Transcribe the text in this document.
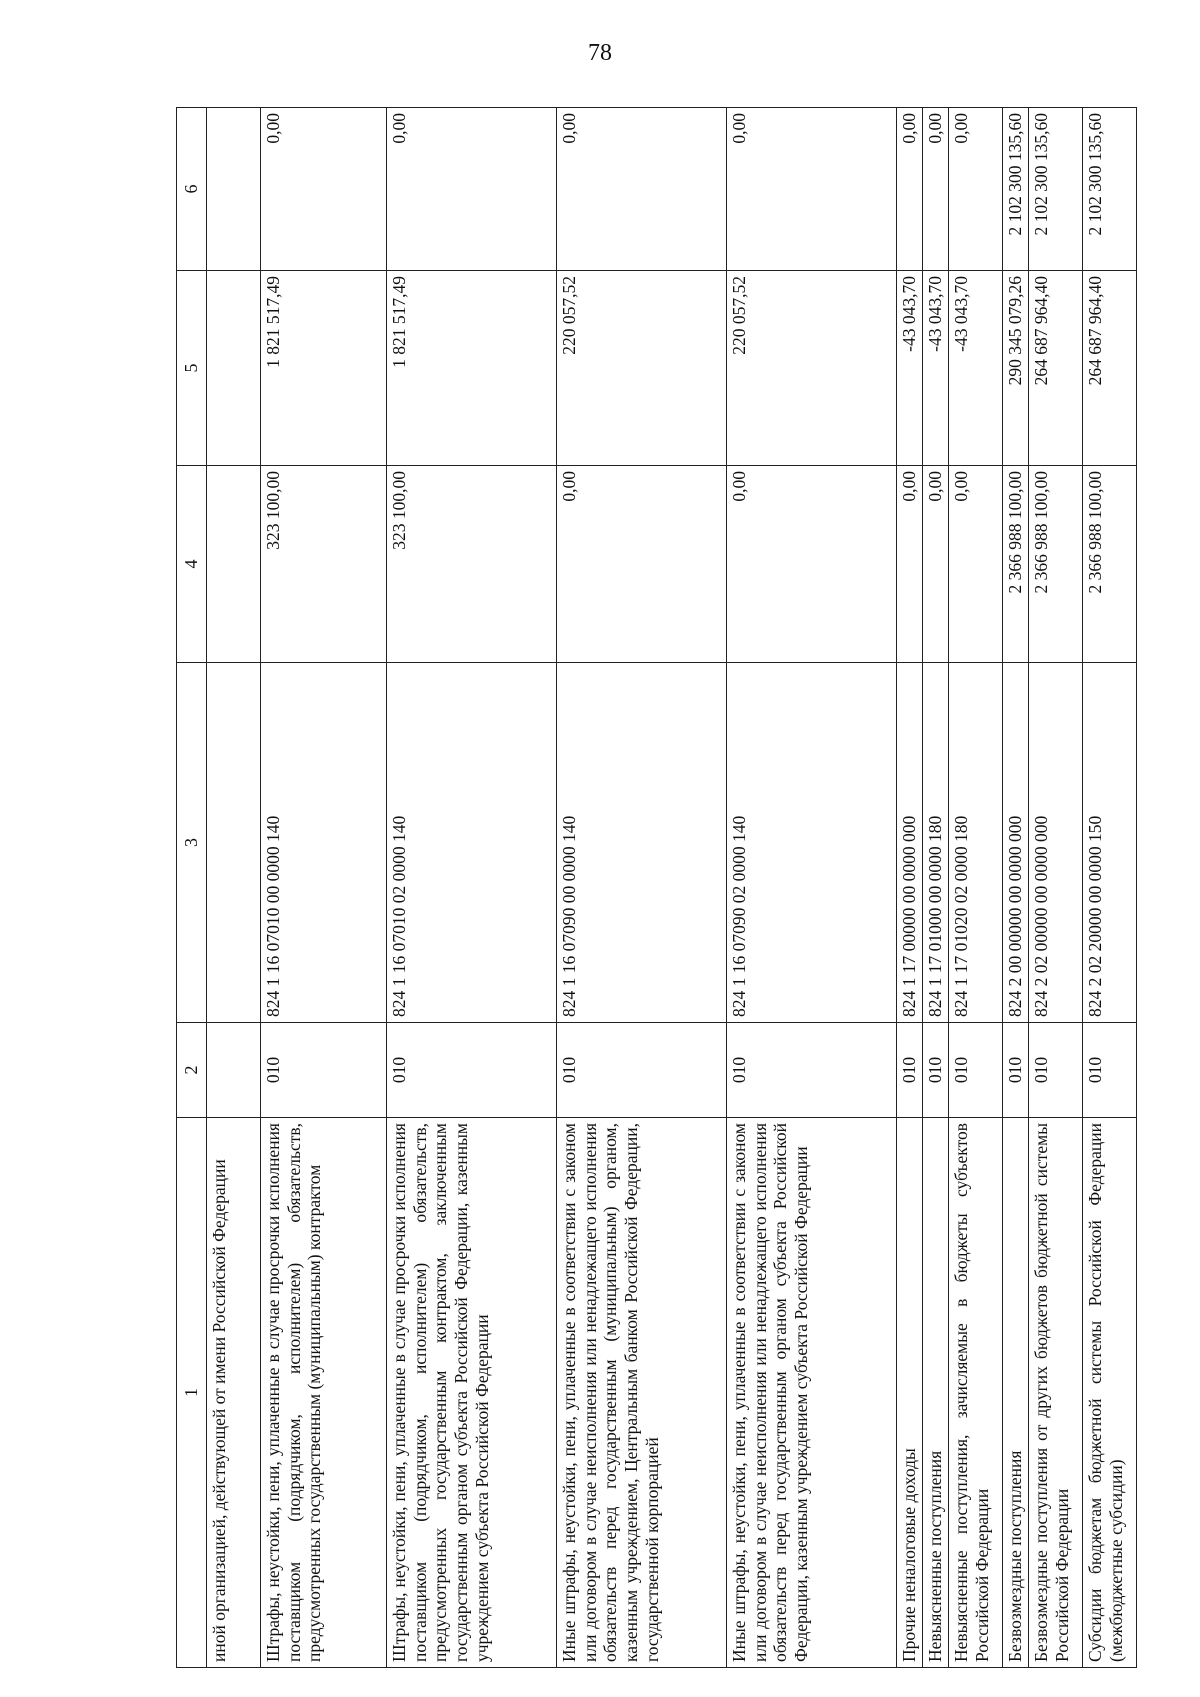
78
1	2	3	4	5	6
иной организацией, действующей от имени Российской Федерации					
Штрафы, неустойки, пени, уплаченные в случае просрочки исполнения поставщиком (подрядчиком, исполнителем) обязательств, предусмотренных государственным (муниципальным) контрактом	010	824 1 16 07010 00 0000 140	323 100,00	1 821 517,49	0,00
Штрафы, неустойки, пени, уплаченные в случае просрочки исполнения поставщиком (подрядчиком, исполнителем) обязательств, предусмотренных государственным контрактом, заключенным государственным органом субъекта Российской Федерации, казенным учреждением субъекта Российской Федерации	010	824 1 16 07010 02 0000 140	323 100,00	1 821 517,49	0,00
Иные штрафы, неустойки, пени, уплаченные в соответствии с законом или договором в случае неисполнения или ненадлежащего исполнения обязательств перед государственным (муниципальным) органом, казенным учреждением, Центральным банком Российской Федерации, государственной корпорацией	010	824 1 16 07090 00 0000 140	0,00	220 057,52	0,00
Иные штрафы, неустойки, пени, уплаченные в соответствии с законом или договором в случае неисполнения или ненадлежащего исполнения обязательств перед государственным органом субъекта Российской Федерации, казенным учреждением субъекта Российской Федерации	010	824 1 16 07090 02 0000 140	0,00	220 057,52	0,00
Прочие неналоговые доходы	010	824 1 17 00000 00 0000 000	0,00	-43 043,70	0,00
Невыясненные поступления	010	824 1 17 01000 00 0000 180	0,00	-43 043,70	0,00
Невыясненные поступления, зачисляемые в бюджеты субъектов Российской Федерации	010	824 1 17 01020 02 0000 180	0,00	-43 043,70	0,00
Безвозмездные поступления	010	824 2 00 00000 00 0000 000	2 366 988 100,00	290 345 079,26	2 102 300 135,60
Безвозмездные поступления от других бюджетов бюджетной системы Российской Федерации	010	824 2 02 00000 00 0000 000	2 366 988 100,00	264 687 964,40	2 102 300 135,60
Субсидии бюджетам бюджетной системы Российской Федерации (межбюджетные субсидии)	010	824 2 02 20000 00 0000 150	2 366 988 100,00	264 687 964,40	2 102 300 135,60
